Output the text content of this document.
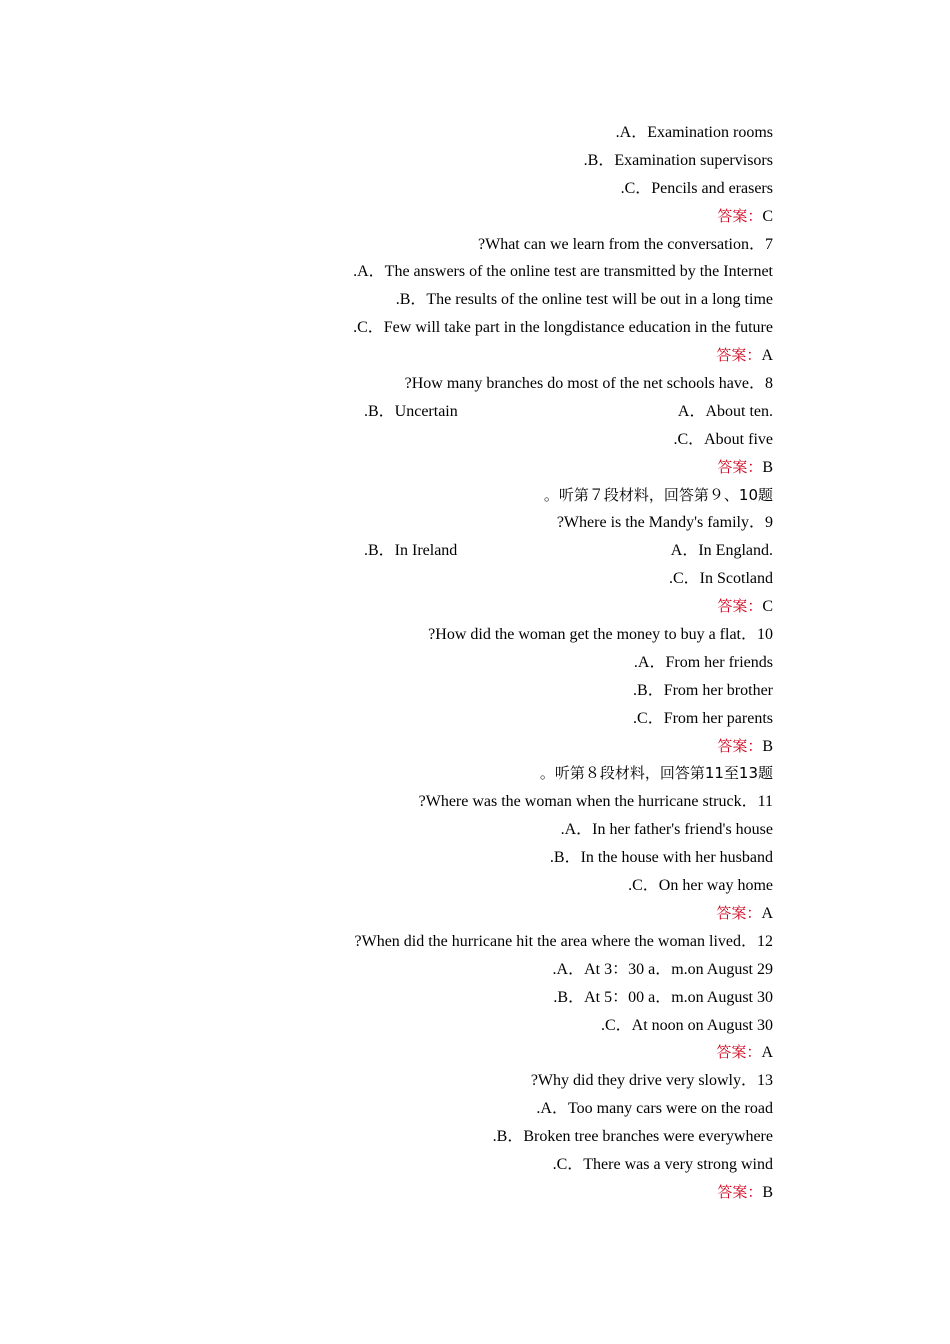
.A．Examination rooms
.B．Examination supervisors
.C．Pencils and erasers
答案：C
?What can we learn from the conversation．7
.A．The answers of the online test are transmitted by the Internet
.B．The results of the online test will be out in a long time
.C．Few will take part in the longdistance education in the future
答案：A
?How many branches do most of the net schools have．8
.B．Uncertain	A．About ten.
.C．About five
答案：B
。听第７段材料，回答第９、10题
?Where is the Mandy's family．9
.B．In Ireland	A．In England.
.C．In Scotland
答案：C
?How did the woman get the money to buy a flat．10
.A．From her friends
.B．From her brother
.C．From her parents
答案：B
。听第８段材料，回答第11至13题
?Where was the woman when the hurricane struck．11
.A．In her father's friend's house
.B．In the house with her husband
.C．On her way home
答案：A
?When did the hurricane hit the area where the woman lived．12
.A．At 3：30 a．m.on August 29
.B．At 5：00 a．m.on August 30
.C．At noon on August 30
答案：A
?Why did they drive very slowly．13
.A．Too many cars were on the road
.B．Broken tree branches were everywhere
.C．There was a very strong wind
答案：B
